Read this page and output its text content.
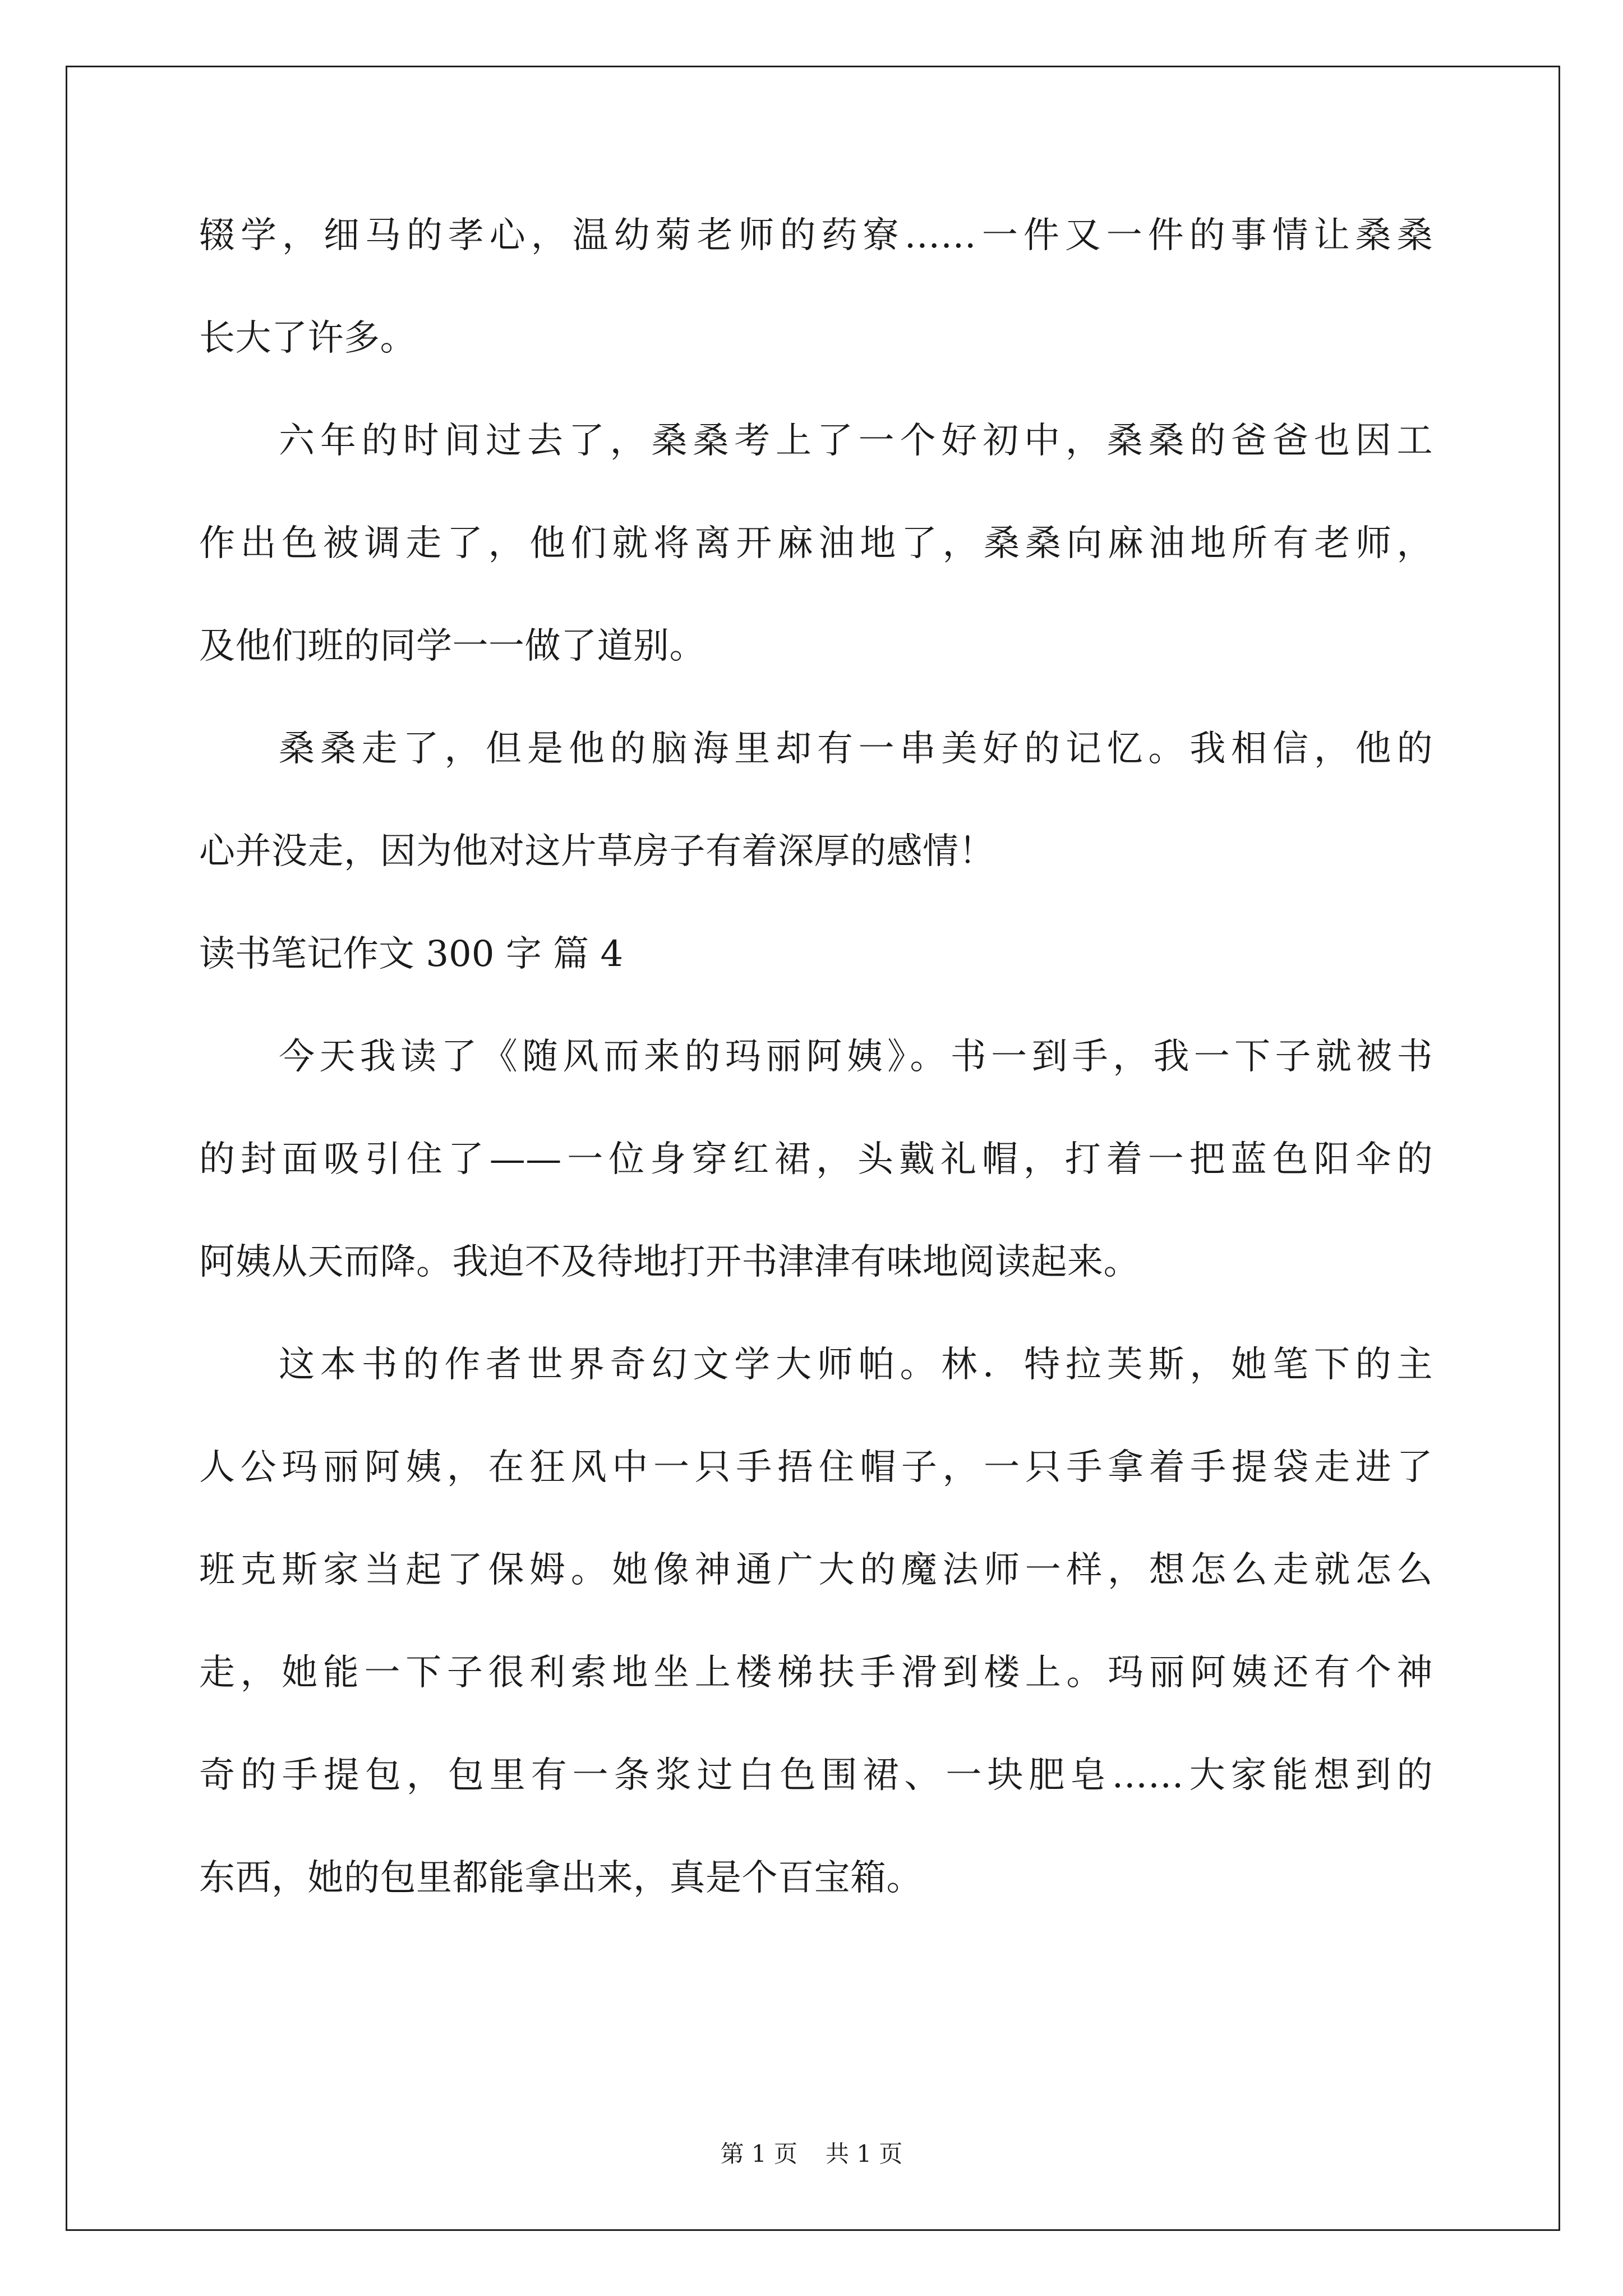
辍学，细马的孝心，温幼菊老师的药寮……一件又一件的事情让桑桑
长大了许多。
六年的时间过去了，桑桑考上了一个好初中，桑桑的爸爸也因工
作出色被调走了，他们就将离开麻油地了，桑桑向麻油地所有老师，
及他们班的同学一一做了道别。
桑桑走了，但是他的脑海里却有一串美好的记忆。我相信，他的
心并没走，因为他对这片草房子有着深厚的感情！
读书笔记作文 300 字 篇 4
今天我读了《随风而来的玛丽阿姨》。书一到手，我一下子就被书
的封面吸引住了——一位身穿红裙，头戴礼帽，打着一把蓝色阳伞的
阿姨从天而降。我迫不及待地打开书津津有味地阅读起来。
这本书的作者世界奇幻文学大师帕。林．特拉芙斯，她笔下的主
人公玛丽阿姨，在狂风中一只手捂住帽子，一只手拿着手提袋走进了
班克斯家当起了保姆。她像神通广大的魔法师一样，想怎么走就怎么
走，她能一下子很利索地坐上楼梯扶手滑到楼上。玛丽阿姨还有个神
奇的手提包，包里有一条浆过白色围裙、一块肥皂……大家能想到的
东西，她的包里都能拿出来，真是个百宝箱。
第 1 页 共 1 页
